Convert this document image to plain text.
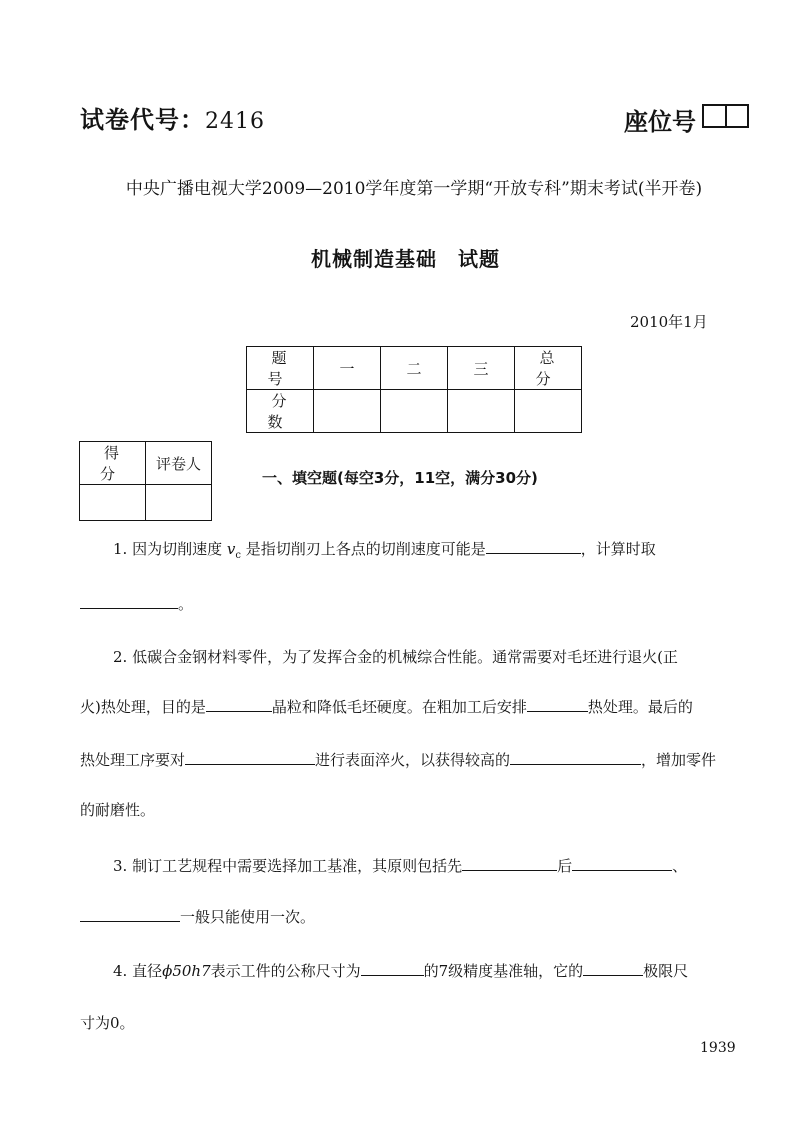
试卷代号：2416	座位号
中央广播电视大学2009—2010学年度第一学期“开放专科”期末考试(半开卷)
机械制造基础　试题
2010年1月
题 号	一	二	三	总 分
分 数				
得 分	评卷人

一、填空题(每空3分，11空，满分30分)
1. 因为切削速度 $v_c$ 是指切削刃上各点的切削速度可能是	，计算时取
。
2. 低碳合金钢材料零件，为了发挥合金的机械综合性能。通常需要对毛坯进行退火(正
火)热处理，目的是	晶粒和降低毛坯硬度。在粗加工后安排	热处理。最后的
热处理工序要对	进行表面淬火，以获得较高的	，增加零件
的耐磨性。
3. 制订工艺规程中需要选择加工基准，其原则包括先	后	、
一般只能使用一次。
4. 直径ϕ50h7表示工件的公称尺寸为	的7级精度基准轴，它的	极限尺
寸为0。
1939
